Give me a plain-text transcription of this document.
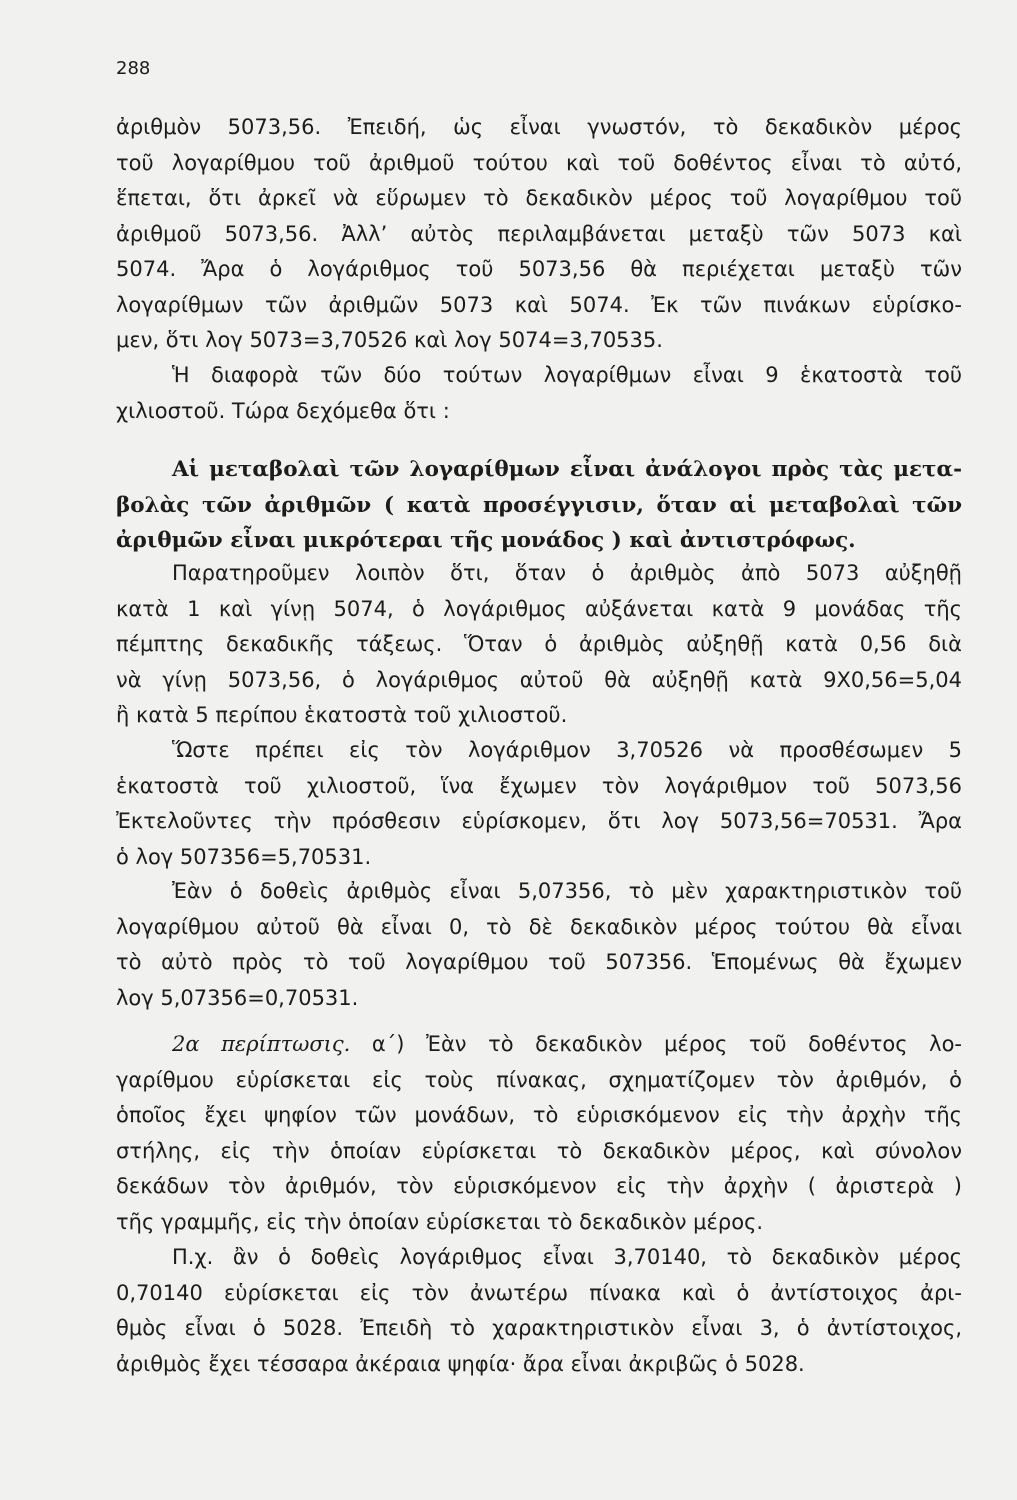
288
ἀριθμὸν 5073,56. Ἐπειδή, ὡς εἶναι γνωστόν, τὸ δεκαδικὸν μέρος
τοῦ λογαρίθμου τοῦ ἀριθμοῦ τούτου καὶ τοῦ δοθέντος εἶναι τὸ αὐτό,
ἕπεται, ὅτι ἀρκεῖ νὰ εὕρωμεν τὸ δεκαδικὸν μέρος τοῦ λογαρίθμου τοῦ
ἀριθμοῦ 5073,56. Ἀλλ’ αὐτὸς περιλαμβάνεται μεταξὺ τῶν 5073 καὶ
5074. Ἄρα ὁ λογάριθμος τοῦ 5073,56 θὰ περιέχεται μεταξὺ τῶν
λογαρίθμων τῶν ἀριθμῶν 5073 καὶ 5074. Ἐκ τῶν πινάκων εὑρίσκο-
μεν, ὅτι λογ 5073=3,70526 καὶ λογ 5074=3,70535.
Ἡ διαφορὰ τῶν δύο τούτων λογαρίθμων εἶναι 9 ἑκατοστὰ τοῦ
χιλιοστοῦ. Τώρα δεχόμεθα ὅτι :
Αἱ μεταβολαὶ τῶν λογαρίθμων εἶναι ἀνάλογοι πρὸς τὰς μετα-
βολὰς τῶν ἀριθμῶν ( κατὰ προσέγγισιν, ὅταν αἱ μεταβολαὶ τῶν
ἀριθμῶν εἶναι μικρότεραι τῆς μονάδος ) καὶ ἀντιστρόφως.
Παρατηροῦμεν λοιπὸν ὅτι, ὅταν ὁ ἀριθμὸς ἀπὸ 5073 αὐξηθῇ
κατὰ 1 καὶ γίνῃ 5074, ὁ λογάριθμος αὐξάνεται κατὰ 9 μονάδας τῆς
πέμπτης δεκαδικῆς τάξεως. Ὅταν ὁ ἀριθμὸς αὐξηθῇ κατὰ 0,56 διὰ
νὰ γίνῃ 5073,56, ὁ λογάριθμος αὐτοῦ θὰ αὐξηθῇ κατὰ 9X0,56=5,04
ἢ κατὰ 5 περίπου ἑκατοστὰ τοῦ χιλιοστοῦ.
Ὥστε πρέπει εἰς τὸν λογάριθμον 3,70526 νὰ προσθέσωμεν 5
ἑκατοστὰ τοῦ χιλιοστοῦ, ἵνα ἔχωμεν τὸν λογάριθμον τοῦ 5073,56
Ἐκτελοῦντες τὴν πρόσθεσιν εὑρίσκομεν, ὅτι λογ 5073,56=70531. Ἄρα
ὁ λογ 507356=5,70531.
Ἐὰν ὁ δοθεὶς ἀριθμὸς εἶναι 5,07356, τὸ μὲν χαρακτηριστικὸν τοῦ
λογαρίθμου αὐτοῦ θὰ εἶναι 0, τὸ δὲ δεκαδικὸν μέρος τούτου θὰ εἶναι
τὸ αὐτὸ πρὸς τὸ τοῦ λογαρίθμου τοῦ 507356. Ἑπομένως θὰ ἔχωμεν
λογ 5,07356=0,70531.
2α περίπτωσις. α΄) Ἐὰν τὸ δεκαδικὸν μέρος τοῦ δοθέντος λο-
γαρίθμου εὑρίσκεται εἰς τοὺς πίνακας, σχηματίζομεν τὸν ἀριθμόν, ὁ
ὁποῖος ἔχει ψηφίον τῶν μονάδων, τὸ εὑρισκόμενον εἰς τὴν ἀρχὴν τῆς
στήλης, εἰς τὴν ὁποίαν εὑρίσκεται τὸ δεκαδικὸν μέρος, καὶ σύνολον
δεκάδων τὸν ἀριθμόν, τὸν εὑρισκόμενον εἰς τὴν ἀρχὴν ( ἀριστερὰ )
τῆς γραμμῆς, εἰς τὴν ὁποίαν εὑρίσκεται τὸ δεκαδικὸν μέρος.
Π.χ. ἂν ὁ δοθεὶς λογάριθμος εἶναι 3,70140, τὸ δεκαδικὸν μέρος
0,70140 εὑρίσκεται εἰς τὸν ἀνωτέρω πίνακα καὶ ὁ ἀντίστοιχος ἀρι-
θμὸς εἶναι ὁ 5028. Ἐπειδὴ τὸ χαρακτηριστικὸν εἶναι 3, ὁ ἀντίστοιχος,
ἀριθμὸς ἔχει τέσσαρα ἀκέραια ψηφία· ἄρα εἶναι ἀκριβῶς ὁ 5028.
